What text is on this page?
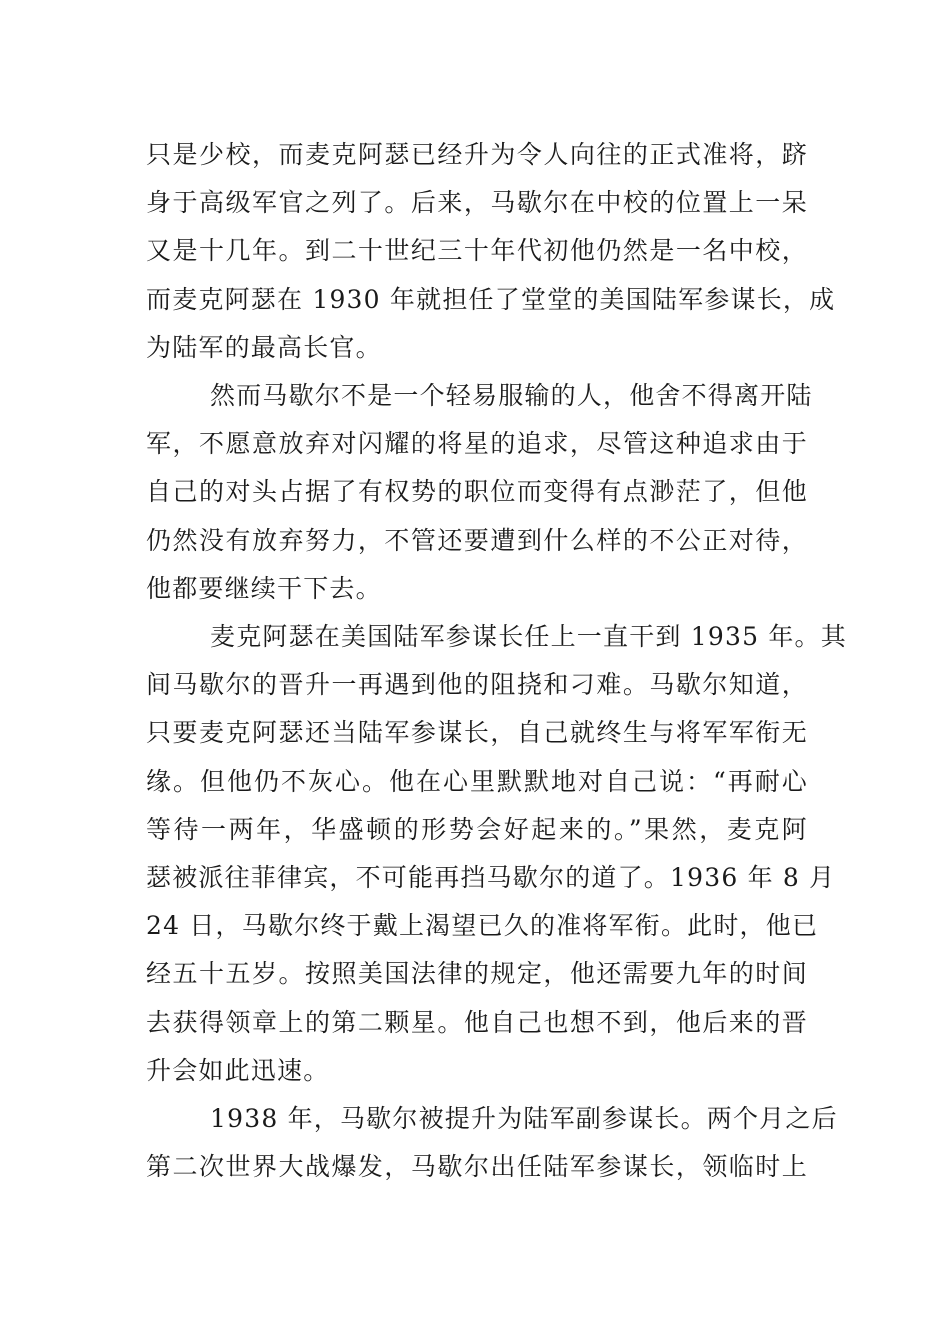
只是少校，而麦克阿瑟已经升为令人向往的正式准将，跻
身于高级军官之列了。后来，马歇尔在中校的位置上一呆
又是十几年。到二十世纪三十年代初他仍然是一名中校，
而麦克阿瑟在 1930 年就担任了堂堂的美国陆军参谋长，成
为陆军的最高长官。
然而马歇尔不是一个轻易服输的人，他舍不得离开陆
军，不愿意放弃对闪耀的将星的追求，尽管这种追求由于
自己的对头占据了有权势的职位而变得有点渺茫了，但他
仍然没有放弃努力，不管还要遭到什么样的不公正对待，
他都要继续干下去。
麦克阿瑟在美国陆军参谋长任上一直干到 1935 年。其
间马歇尔的晋升一再遇到他的阻挠和刁难。马歇尔知道，
只要麦克阿瑟还当陆军参谋长，自己就终生与将军军衔无
缘。但他仍不灰心。他在心里默默地对自己说：“再耐心
等待一两年，华盛顿的形势会好起来的。”果然，麦克阿
瑟被派往菲律宾，不可能再挡马歇尔的道了。1936 年 8 月
24 日，马歇尔终于戴上渴望已久的准将军衔。此时，他已
经五十五岁。按照美国法律的规定，他还需要九年的时间
去获得领章上的第二颗星。他自己也想不到，他后来的晋
升会如此迅速。
1938 年，马歇尔被提升为陆军副参谋长。两个月之后
第二次世界大战爆发，马歇尔出任陆军参谋长，领临时上
